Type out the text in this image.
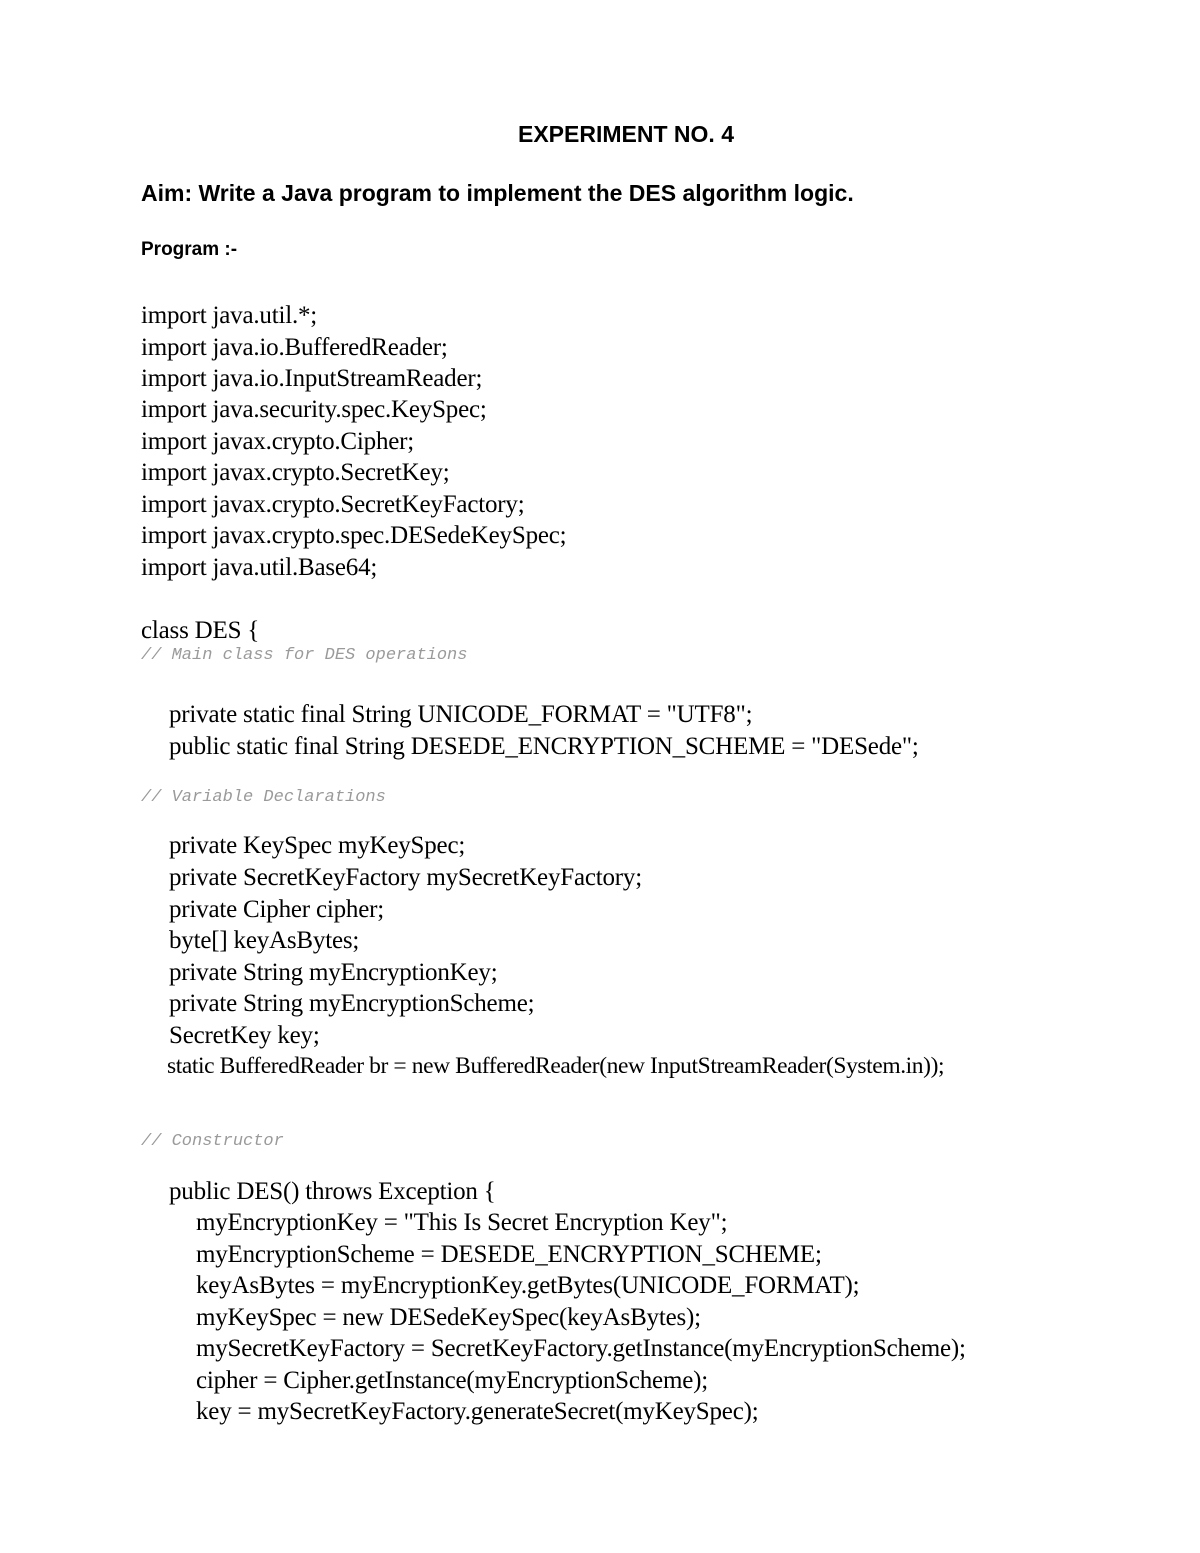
EXPERIMENT NO. 4
Aim: Write a Java program to implement the DES algorithm logic.
Program :-
import java.util.*;
import java.io.BufferedReader;
import java.io.InputStreamReader;
import java.security.spec.KeySpec;
import javax.crypto.Cipher;
import javax.crypto.SecretKey;
import javax.crypto.SecretKeyFactory;
import javax.crypto.spec.DESedeKeySpec;
import java.util.Base64;
class DES {
// Main class for DES operations
private static final String UNICODE_FORMAT = "UTF8";
public static final String DESEDE_ENCRYPTION_SCHEME = "DESede";
// Variable Declarations
private KeySpec myKeySpec;
private SecretKeyFactory mySecretKeyFactory;
private Cipher cipher;
byte[] keyAsBytes;
private String myEncryptionKey;
private String myEncryptionScheme;
SecretKey key;
static BufferedReader br = new BufferedReader(new InputStreamReader(System.in));
// Constructor
public DES() throws Exception {
myEncryptionKey = "This Is Secret Encryption Key";
myEncryptionScheme = DESEDE_ENCRYPTION_SCHEME;
keyAsBytes = myEncryptionKey.getBytes(UNICODE_FORMAT);
myKeySpec = new DESedeKeySpec(keyAsBytes);
mySecretKeyFactory = SecretKeyFactory.getInstance(myEncryptionScheme);
cipher = Cipher.getInstance(myEncryptionScheme);
key = mySecretKeyFactory.generateSecret(myKeySpec);
